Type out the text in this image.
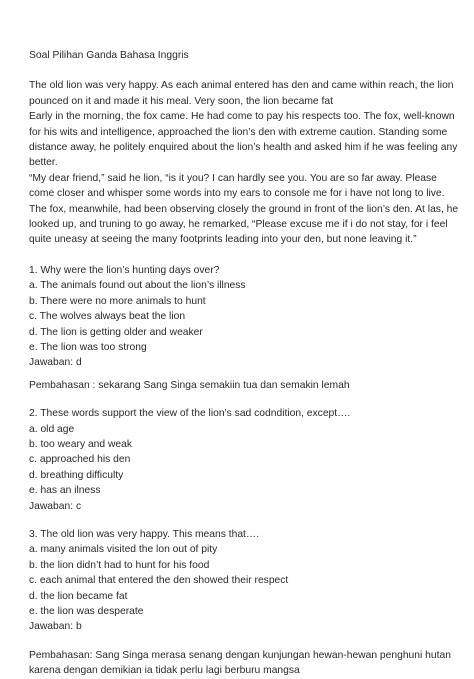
Soal Pilihan Ganda Bahasa Inggris

The old lion was very happy. As each animal entered has den and came within reach, the lion pounced on it and made it his meal. Very soon, the lion became fat

Early in the morning, the fox came. He had come to pay his respects too. The fox, well-known for his wits and intelligence, approached the lion’s den with extreme caution. Standing some distance away, he politely enquired about the lion’s health and asked him if he was feeling any better.

“My dear friend,” said he lion, “is it you? I can hardly see you. You are so far away. Please come closer and whisper some words into my ears to console me for i have not long to live. The fox, meanwhile, had been observing closely the ground in front of the lion’s den. At las, he looked up, and truning to go away, he remarked, “Please excuse me if i do not stay, for i feel quite uneasy at seeing the many footprints leading into your den, but none leaving it.”

1. Why were the lion’s hunting days over?

a. The animals found out about the lion’s illness

b. There were no more animals to hunt

c. The wolves always beat the lion

d. The lion is getting older and weaker

e. The lion was too strong

Jawaban: d

Pembahasan : sekarang Sang Singa semakiin tua dan semakin lemah

2. These words support the view of the lion’s sad codndition, except….

a. old age

b. too weary and weak

c. approached his den

d. breathing difficulty

e. has an ilness

Jawaban: c

3. The old lion was very happy. This means that….

a. many animals visited the lon out of pity

b. the lion didn’t had to hunt for his food

c. each animal that entered the den showed their respect

d. the lion became fat

e. the lion was desperate

Jawaban: b

Pembahasan: Sang Singa merasa senang dengan kunjungan hewan-hewan penghuni hutan karena dengan demikian ia tidak perlu lagi berburu mangsa
